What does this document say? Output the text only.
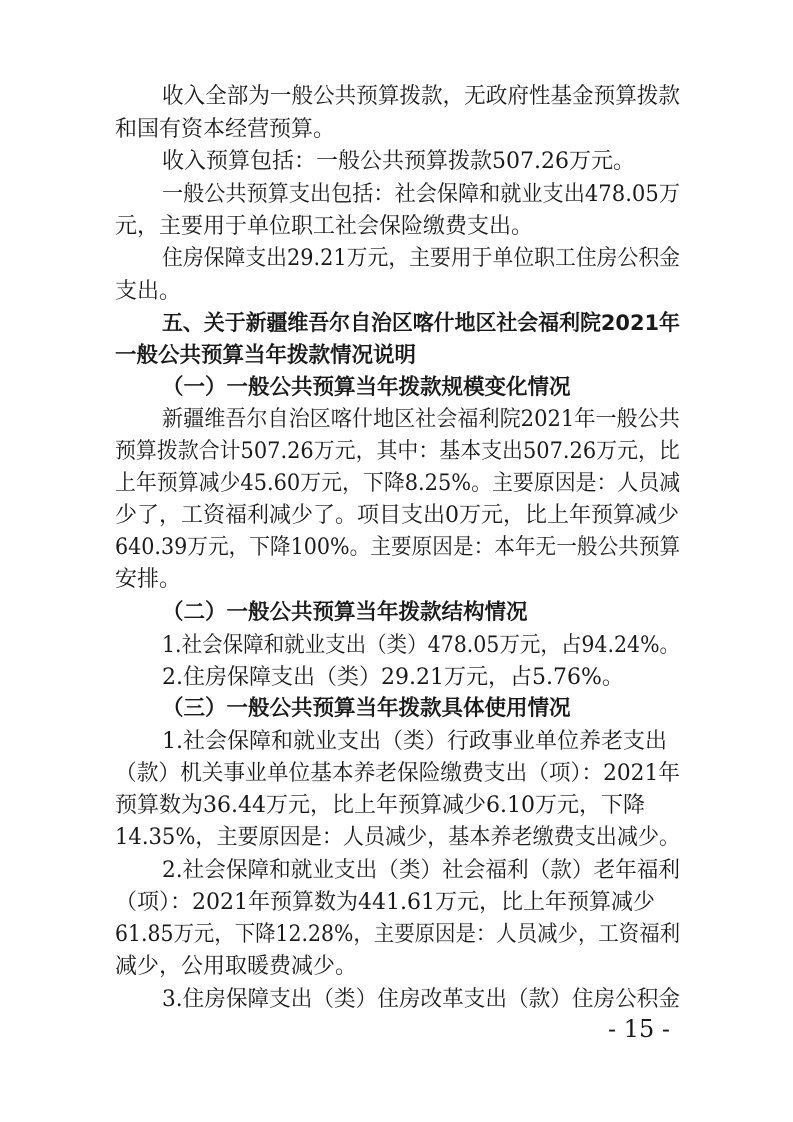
收入全部为一般公共预算拨款，无政府性基金预算拨款
和国有资本经营预算。
收入预算包括：一般公共预算拨款507.26万元。
一般公共预算支出包括：社会保障和就业支出478.05万
元，主要用于单位职工社会保险缴费支出。
住房保障支出29.21万元，主要用于单位职工住房公积金
支出。
五、关于新疆维吾尔自治区喀什地区社会福利院2021年
一般公共预算当年拨款情况说明
（一）一般公共预算当年拨款规模变化情况
新疆维吾尔自治区喀什地区社会福利院2021年一般公共
预算拨款合计507.26万元，其中：基本支出507.26万元，比
上年预算减少45.60万元，下降8.25%。主要原因是：人员减
少了，工资福利减少了。项目支出0万元，比上年预算减少
640.39万元，下降100%。主要原因是：本年无一般公共预算
安排。
（二）一般公共预算当年拨款结构情况
1.社会保障和就业支出（类）478.05万元，占94.24%。
2.住房保障支出（类）29.21万元，占5.76%。
（三）一般公共预算当年拨款具体使用情况
1.社会保障和就业支出（类）行政事业单位养老支出
（款）机关事业单位基本养老保险缴费支出（项）：2021年
预算数为36.44万元，比上年预算减少6.10万元，下降
14.35%，主要原因是：人员减少，基本养老缴费支出减少。
2.社会保障和就业支出（类）社会福利（款）老年福利
（项）：2021年预算数为441.61万元，比上年预算减少
61.85万元，下降12.28%，主要原因是：人员减少，工资福利
减少，公用取暖费减少。
3.住房保障支出（类）住房改革支出（款）住房公积金
- 15 -
